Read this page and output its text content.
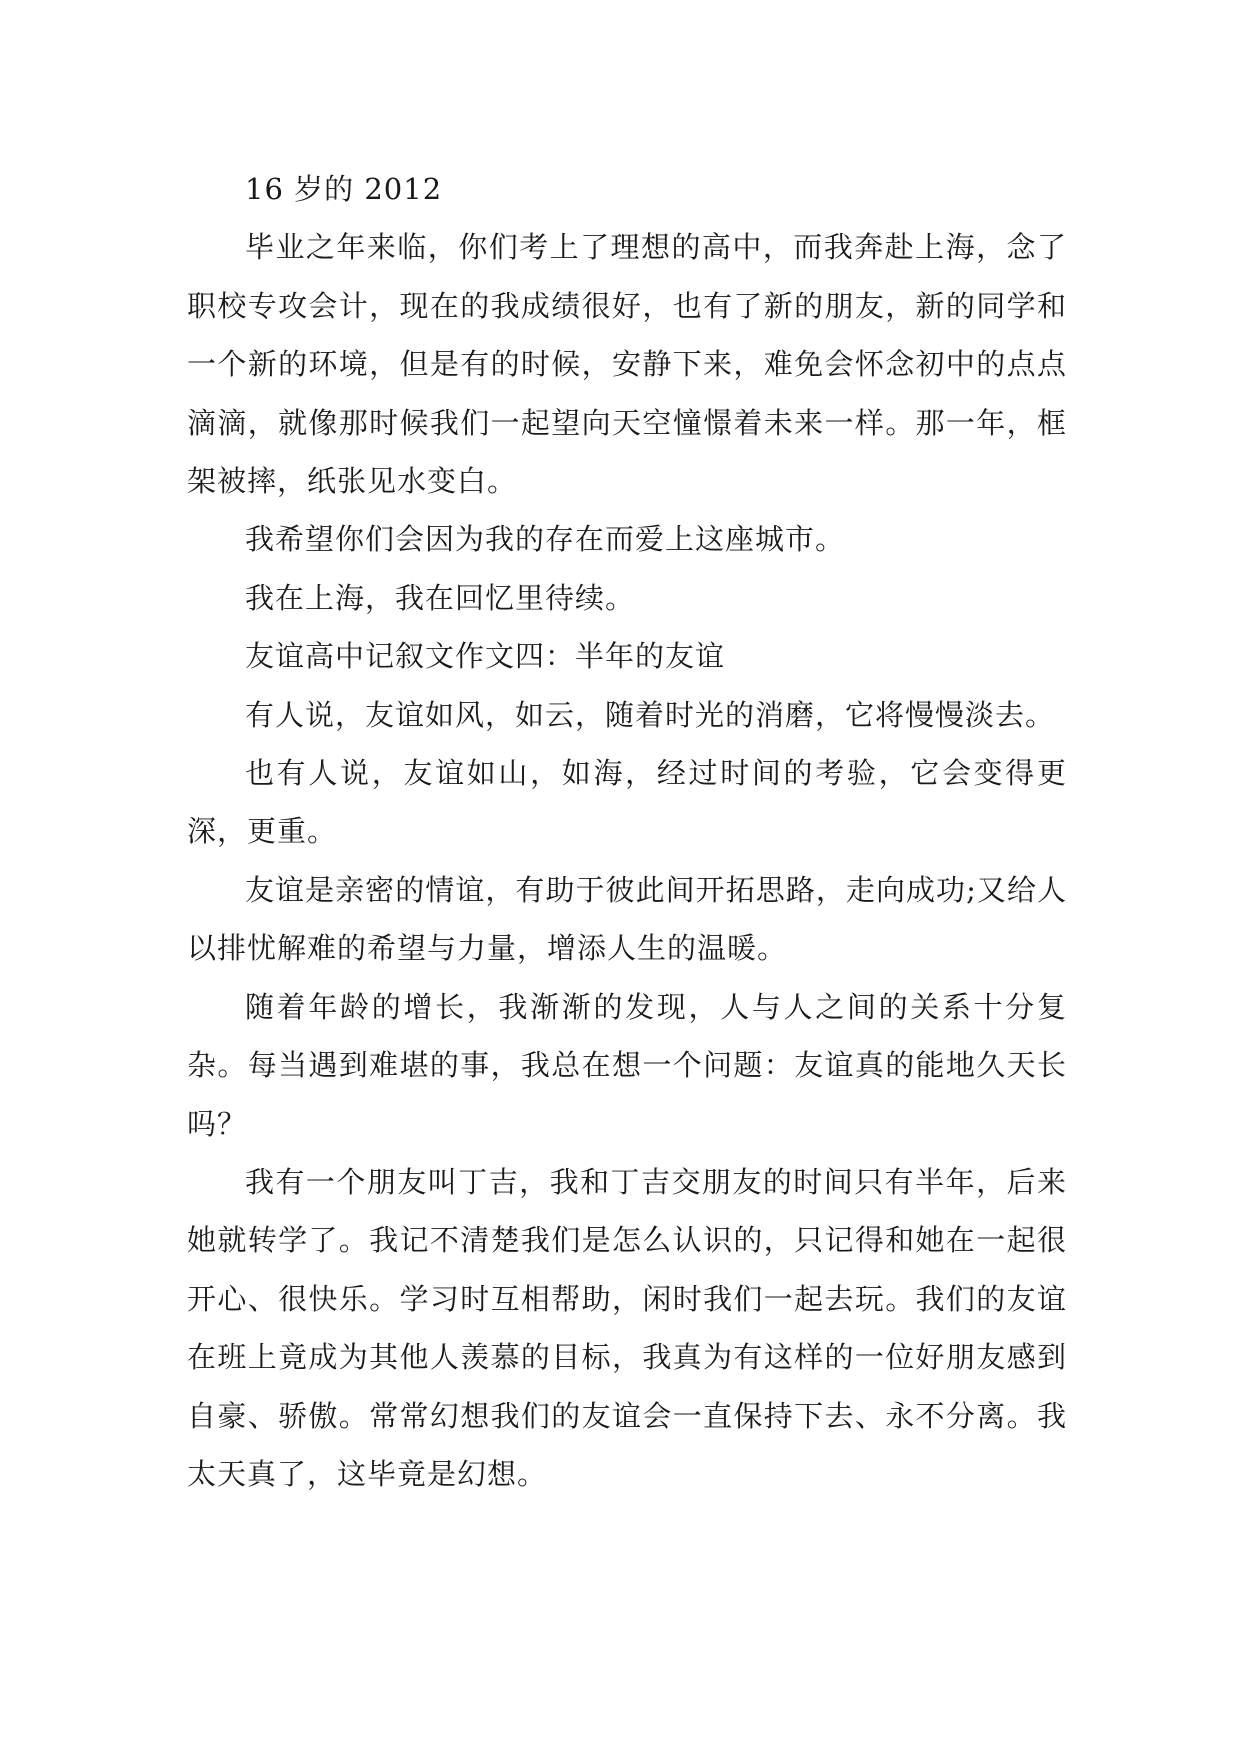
16 岁的 2012

毕业之年来临，你们考上了理想的高中，而我奔赴上海，念了职校专攻会计，现在的我成绩很好，也有了新的朋友，新的同学和一个新的环境，但是有的时候，安静下来，难免会怀念初中的点点滴滴，就像那时候我们一起望向天空憧憬着未来一样。那一年，框架被摔，纸张见水变白。

我希望你们会因为我的存在而爱上这座城市。

我在上海，我在回忆里待续。

友谊高中记叙文作文四：半年的友谊

有人说，友谊如风，如云，随着时光的消磨，它将慢慢淡去。

也有人说，友谊如山，如海，经过时间的考验，它会变得更深，更重。

友谊是亲密的情谊，有助于彼此间开拓思路，走向成功;又给人以排忧解难的希望与力量，增添人生的温暖。

随着年龄的增长，我渐渐的发现，人与人之间的关系十分复杂。每当遇到难堪的事，我总在想一个问题：友谊真的能地久天长吗？

我有一个朋友叫丁吉，我和丁吉交朋友的时间只有半年，后来她就转学了。我记不清楚我们是怎么认识的，只记得和她在一起很开心、很快乐。学习时互相帮助，闲时我们一起去玩。我们的友谊在班上竟成为其他人羡慕的目标，我真为有这样的一位好朋友感到自豪、骄傲。常常幻想我们的友谊会一直保持下去、永不分离。我太天真了，这毕竟是幻想。
